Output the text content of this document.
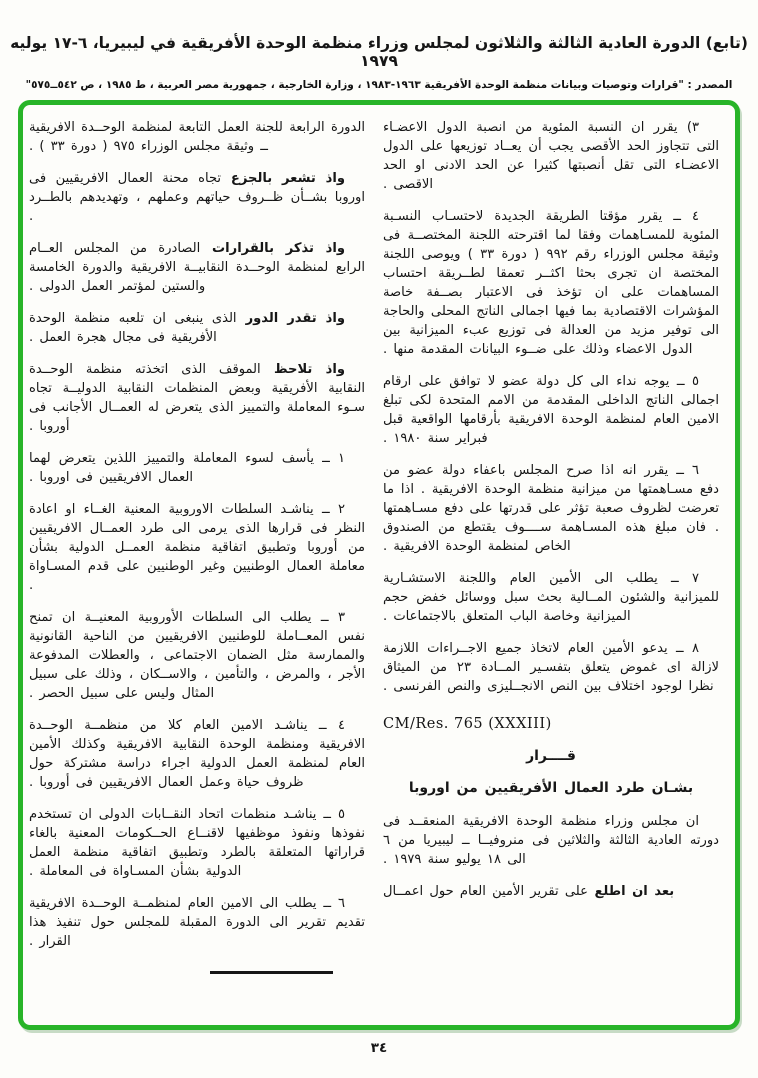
(تابع) الدورة العادية الثالثة والثلاثون لمجلس وزراء منظمة الوحدة الأفريقية في ليبيريا، ٦-١٧ يوليه ١٩٧٩

المصدر : "قرارات وتوصيات وبيانات منظمة الوحدة الأفريقية ١٩٦٣-١٩٨٣ ، وزارة الخارجية ، جمهورية مصر العربية ، ط ١٩٨٥ ، ص ٥٤٢ــ٥٧٥"

٣) يقرر ان النسبة المئوية من انصبة الدول الاعضـاء التى تتجاوز الحد الأقصى يجب أن يعــاد توزيعها على الدول الاعضـاء التى تقل أنصبتها كثيرا عن الحد الادنى او الحد الاقصى .

٤ ــ يقرر مؤقتا الطريقة الجديدة لاحتسـاب النسـبة المئوية للمسـاهمات وفقا لما اقترحته اللجنة المختصــة فى وثيقة مجلس الوزراء رقم ٩٩٢ ( دورة ٣٣ ) ويوصى اللجنة المختصة ان تجرى بحثا اكثــر تعمقا لطــريقة احتساب المساهمات على ان تؤخذ فى الاعتبار بصــفة خاصة المؤشرات الاقتصادية بما فيها اجمالى الناتج المحلى والحاجة الى توفير مزيد من العدالة فى توزيع عبء الميزانية بين الدول الاعضاء وذلك على ضــوء البيانات المقدمة منها .

٥ ــ يوجه نداء الى كل دولة عضو لا توافق على ارقام اجمالى الناتج الداخلى المقدمة من الامم المتحدة لكى تبلغ الامين العام لمنظمة الوحدة الافريقية بأرقامها الواقعية قبل فبراير سنة ١٩٨٠ .

٦ ــ يقرر انه اذا صرح المجلس باعفاء دولة عضو من دفع مسـاهمتها من ميزانية منظمة الوحدة الافريقية . اذا ما تعرضت لظروف صعبة تؤثر على قدرتها على دفع مسـاهمتها . فان مبلغ هذه المسـاهمة ســــوف يقتطع من الصندوق الخاص لمنظمة الوحدة الافريقية .

٧ ــ يطلب الى الأمين العام واللجنة الاستشـارية للميزانية والشئون المــالية بحث سبل ووسائل خفض حجم الميزانية وخاصة الباب المتعلق بالاجتماعات .

٨ ــ يدعو الأمين العام لاتخاذ جميع الاجــراءات اللازمة لازالة اى غموض يتعلق بتفسـير المــادة ٢٣ من الميثاق نظرا لوجود اختلاف بين النص الانجــليزى والنص الفرنسى .

CM/Res. 765 (XXXIII)

قــــرار

بشـان طرد العمال الأفريقيين من اوروبا

ان مجلس وزراء منظمة الوحدة الافريقية المنعقــد فى دورته العادية الثالثة والثلاثين فى منروفيــا ــ ليبيريا من ٦ الى ١٨ يوليو سنة ١٩٧٩ .

بعد ان اطلع على تقرير الأمين العام حول اعمــال

الدورة الرابعة للجنة العمل التابعة لمنظمة الوحــدة الافريقية ــ وثيقة مجلس الوزراء ٩٧٥ ( دورة ٣٣ ) .

واذ تشعر بالجزع تجاه محنة العمال الافريقيين فى اوروبا بشــأن ظــروف حياتهم وعملهم ، وتهديدهم بالطــرد .

واذ تذكر بالقرارات الصادرة من المجلس العــام الرابع لمنظمة الوحــدة النقابيــة الافريقية والدورة الخامسة والستين لمؤتمر العمل الدولى .

واذ تقدر الدور الذى ينبغى ان تلعبه منظمة الوحدة الأفريقية فى مجال هجرة العمل .

واذ تلاحظ الموقف الذى اتخذته منظمة الوحــدة النقابية الأفريقية وبعض المنظمات النقابية الدوليــة تجاه سـوء المعاملة والتمييز الذى يتعرض له العمــال الأجانب فى أوروبا .

١ ــ يأسف لسوء المعاملة والتمييز اللذين يتعرض لهما العمال الافريقيين فى اوروبا .

٢ ــ يناشـد السلطات الاوروبية المعنية الغــاء او اعادة النظر فى قرارها الذى يرمى الى طرد العمــال الافريقيين من أوروبا وتطبيق اتفاقية منظمة العمــل الدولية بشأن معاملة العمال الوطنيين وغير الوطنيين على قدم المسـاواة .

٣ ــ يطلب الى السلطات الأوروبية المعنيــة ان تمنح نفس المعــاملة للوطنيين الافريقيين من الناحية القانونية والممارسة مثل الضمان الاجتماعى ، والعطلات المدفوعة الأجر ، والمرض ، والتأمين ، والاســكان ، وذلك على سبيل المثال وليس على سبيل الحصر .

٤ ــ يناشـد الامين العام كلا من منظمــة الوحــدة الافريقية ومنظمة الوحدة النقابية الافريقية وكذلك الأمين العام لمنظمة العمل الدولية اجراء دراسة مشتركة حول ظروف حياة وعمل العمال الافريقيين فى أوروبا .

٥ ــ يناشـد منظمات اتحاد النقــابات الدولى ان تستخدم نفوذها ونفوذ موظفيها لاقنــاع الحــكومات المعنية بالغاء قراراتها المتعلقة بالطرد وتطبيق اتفاقية منظمة العمل الدولية بشأن المسـاواة فى المعاملة .

٦ ــ يطلب الى الامين العام لمنظمــة الوحــدة الافريقية تقديم تقرير الى الدورة المقبلة للمجلس حول تنفيذ هذا القرار .

٣٤
